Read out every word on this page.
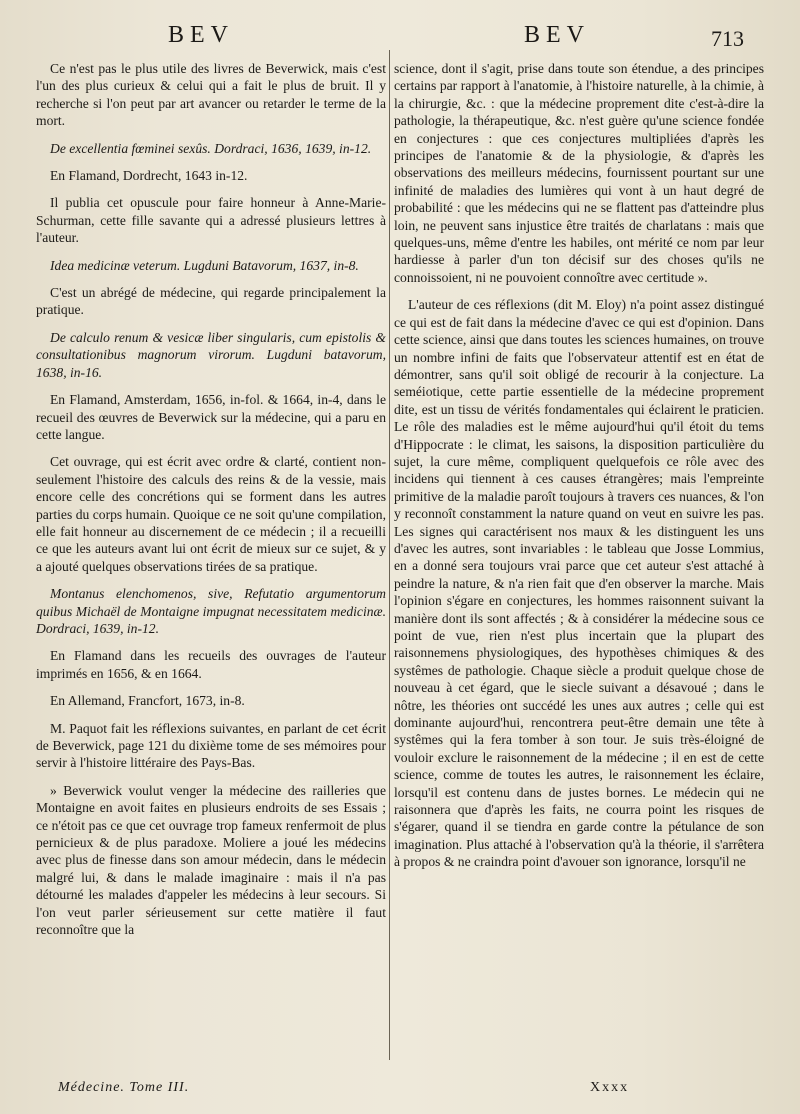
BEV	BEV	713

Ce n'est pas le plus utile des livres de Beverwick, mais c'est l'un des plus curieux & celui qui a fait le plus de bruit. Il y recherche si l'on peut par art avancer ou retarder le terme de la mort.

De excellentia fœminei sexûs. Dordraci, 1636, 1639, in-12.

En Flamand, Dordrecht, 1643 in-12.

Il publia cet opuscule pour faire honneur à Anne-Marie-Schurman, cette fille savante qui a adressé plusieurs lettres à l'auteur.

Idea medicinæ veterum. Lugduni Batavorum, 1637, in-8.

C'est un abrégé de médecine, qui regarde principalement la pratique.

De calculo renum & vesicæ liber singularis, cum epistolis & consultationibus magnorum virorum. Lugduni batavorum, 1638, in-16.

En Flamand, Amsterdam, 1656, in-fol. & 1664, in-4, dans le recueil des œuvres de Beverwick sur la médecine, qui a paru en cette langue.

Cet ouvrage, qui est écrit avec ordre & clarté, contient non-seulement l'histoire des calculs des reins & de la vessie, mais encore celle des concrétions qui se forment dans les autres parties du corps humain. Quoique ce ne soit qu'une compilation, elle fait honneur au discernement de ce médecin ; il a recueilli ce que les auteurs avant lui ont écrit de mieux sur ce sujet, & y a ajouté quelques observations tirées de sa pratique.

Montanus elenchomenos, sive, Refutatio argumentorum quibus Michaël de Montaigne impugnat necessitatem medicinæ. Dordraci, 1639, in-12.

En Flamand dans les recueils des ouvrages de l'auteur imprimés en 1656, & en 1664.

En Allemand, Francfort, 1673, in-8.

M. Paquot fait les réflexions suivantes, en parlant de cet écrit de Beverwick, page 121 du dixième tome de ses mémoires pour servir à l'histoire littéraire des Pays-Bas.

» Beverwick voulut venger la médecine des railleries que Montaigne en avoit faites en plusieurs endroits de ses Essais ; ce n'étoit pas ce que cet ouvrage trop fameux renfermoit de plus pernicieux & de plus paradoxe. Moliere a joué les médecins avec plus de finesse dans son amour médecin, dans le médecin malgré lui, & dans le malade imaginaire : mais il n'a pas détourné les malades d'appeler les médecins à leur secours. Si l'on veut parler sérieusement sur cette matière il faut reconnoître que la

science, dont il s'agit, prise dans toute son étendue, a des principes certains par rapport à l'anatomie, à l'histoire naturelle, à la chimie, à la chirurgie, &c. : que la médecine proprement dite c'est-à-dire la pathologie, la thérapeutique, &c. n'est guère qu'une science fondée en conjectures : que ces conjectures multipliées d'après les principes de l'anatomie & de la physiologie, & d'après les observations des meilleurs médecins, fournissent pourtant sur une infinité de maladies des lumières qui vont à un haut degré de probabilité : que les médecins qui ne se flattent pas d'atteindre plus loin, ne peuvent sans injustice être traités de charlatans : mais que quelques-uns, même d'entre les habiles, ont mérité ce nom par leur hardiesse à parler d'un ton décisif sur des choses qu'ils ne connoissoient, ni ne pouvoient connoître avec certitude ».

L'auteur de ces réflexions (dit M. Eloy) n'a point assez distingué ce qui est de fait dans la médecine d'avec ce qui est d'opinion. Dans cette science, ainsi que dans toutes les sciences humaines, on trouve un nombre infini de faits que l'observateur attentif est en état de démontrer, sans qu'il soit obligé de recourir à la conjecture. La seméiotique, cette partie essentielle de la médecine proprement dite, est un tissu de vérités fondamentales qui éclairent le praticien. Le rôle des maladies est le même aujourd'hui qu'il étoit du tems d'Hippocrate : le climat, les saisons, la disposition particulière du sujet, la cure même, compliquent quelquefois ce rôle avec des incidens qui tiennent à ces causes étrangères; mais l'empreinte primitive de la maladie paroît toujours à travers ces nuances, & l'on y reconnoît constamment la nature quand on veut en suivre les pas. Les signes qui caractérisent nos maux & les distinguent les uns d'avec les autres, sont invariables : le tableau que Josse Lommius, en a donné sera toujours vrai parce que cet auteur s'est attaché à peindre la nature, & n'a rien fait que d'en observer la marche. Mais l'opinion s'égare en conjectures, les hommes raisonnent suivant la manière dont ils sont affectés ; & à considérer la médecine sous ce point de vue, rien n'est plus incertain que la plupart des raisonnemens physiologiques, des hypothèses chimiques & des systêmes de pathologie. Chaque siècle a produit quelque chose de nouveau à cet égard, que le siecle suivant a désavoué ; dans le nôtre, les théories ont succédé les unes aux autres ; celle qui est dominante aujourd'hui, rencontrera peut-être demain une tête à systêmes qui la fera tomber à son tour. Je suis très-éloigné de vouloir exclure le raisonnement de la médecine ; il en est de cette science, comme de toutes les autres, le raisonnement les éclaire, lorsqu'il est contenu dans de justes bornes. Le médecin qui ne raisonnera que d'après les faits, ne courra point les risques de s'égarer, quand il se tiendra en garde contre la pétulance de son imagination. Plus attaché à l'observation qu'à la théorie, il s'arrêtera à propos & ne craindra point d'avouer son ignorance, lorsqu'il ne

Médecine. Tome III.	Xxxx
